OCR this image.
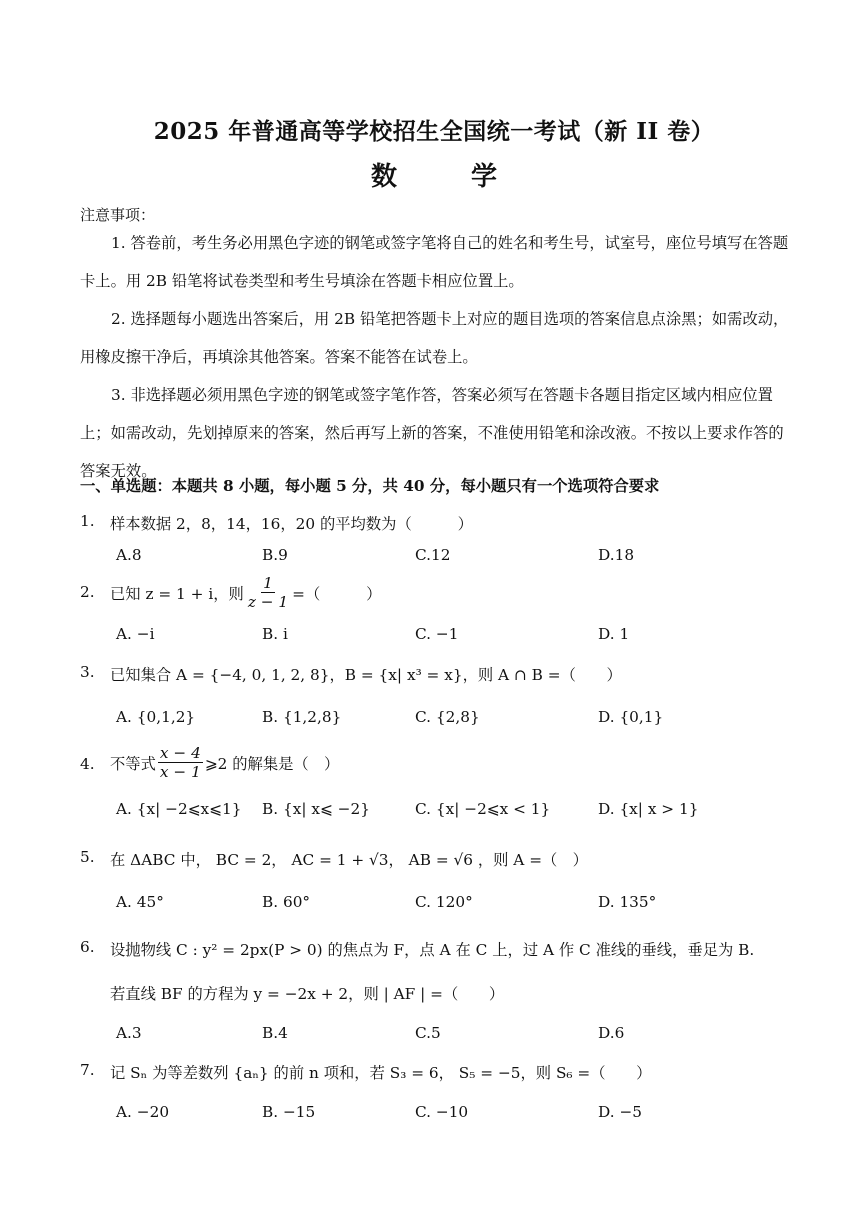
2025 年普通高等学校招生全国统一考试（新 II 卷）
数　学
注意事项：
1. 答卷前，考生务必用黑色字迹的钢笔或签字笔将自己的姓名和考生号，试室号，座位号填写在答题卡上。用 2B 铅笔将试卷类型和考生号填涂在答题卡相应位置上。
2. 选择题每小题选出答案后，用 2B 铅笔把答题卡上对应的题目选项的答案信息点涂黑；如需改动，用橡皮擦干净后，再填涂其他答案。答案不能答在试卷上。
3. 非选择题必须用黑色字迹的钢笔或签字笔作答，答案必须写在答题卡各题目指定区域内相应位置上；如需改动，先划掉原来的答案，然后再写上新的答案，不准使用铅笔和涂改液。不按以上要求作答的答案无效。
一、单选题：本题共 8 小题，每小题 5 分，共 40 分，每小题只有一个选项符合要求
1. 样本数据 2，8，14，16，20 的平均数为（　　　）
A.8	B.9	C.12	D.18
2. 已知 z = 1 + i，则 $\frac{1}{z - 1}$ =（　　　）
A. −i	B. i	C. −1	D. 1
3. 已知集合 A = {−4, 0, 1, 2, 8}，B = {x| x³ = x}，则 A ∩ B =（　　）
A. {0,1,2}	B. {1,2,8}	C. {2,8}	D. {0,1}
4. 不等式 $\frac{x - 4}{x - 1}$ ⩾2 的解集是（　）
A. {x| −2⩽x⩽1} B. {x| x⩽ −2}	C. {x| −2⩽x < 1}	D. {x| x > 1}
5. 在 ΔABC 中， BC = 2， AC = 1 + √3， AB = √6 ，则 A =（　）
A. 45°	B. 60°	C. 120°	D. 135°
6. 设抛物线 C : y² = 2px(P > 0) 的焦点为 F，点 A 在 C 上，过 A 作 C 准线的垂线，垂足为 B.
若直线 BF 的方程为 y = −2x + 2，则 | AF | =（　　）
A.3	B.4	C.5	D.6
7. 记 Sₙ 为等差数列 {aₙ} 的前 n 项和，若 S₃ = 6， S₅ = −5，则 S₆ =（　　）
A. −20	B. −15	C. −10	D. −5
